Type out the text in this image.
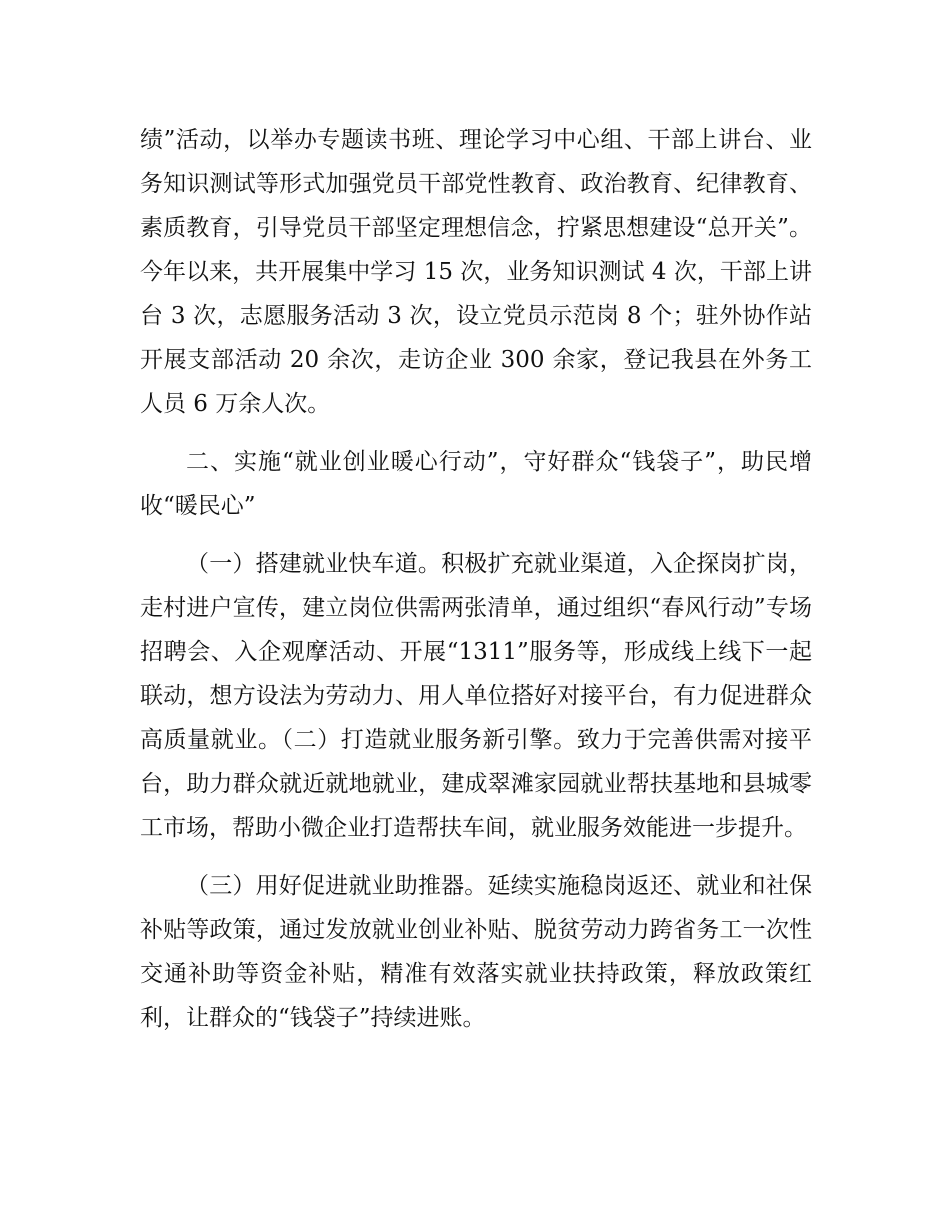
绩”活动，以举办专题读书班、理论学习中心组、干部上讲台、业务知识测试等形式加强党员干部党性教育、政治教育、纪律教育、素质教育，引导党员干部坚定理想信念，拧紧思想建设“总开关”。今年以来，共开展集中学习 15 次，业务知识测试 4 次，干部上讲台 3 次，志愿服务活动 3 次，设立党员示范岗 8 个；驻外协作站开展支部活动 20 余次，走访企业 300 余家，登记我县在外务工人员 6 万余人次。

二、实施“就业创业暖心行动”，守好群众“钱袋子”，助民增收“暖民心”

（一）搭建就业快车道。积极扩充就业渠道，入企探岗扩岗，走村进户宣传，建立岗位供需两张清单，通过组织“春风行动”专场招聘会、入企观摩活动、开展“1311”服务等，形成线上线下一起联动，想方设法为劳动力、用人单位搭好对接平台，有力促进群众高质量就业。（二）打造就业服务新引擎。致力于完善供需对接平台，助力群众就近就地就业，建成翠滩家园就业帮扶基地和县城零工市场，帮助小微企业打造帮扶车间，就业服务效能进一步提升。

（三）用好促进就业助推器。延续实施稳岗返还、就业和社保补贴等政策，通过发放就业创业补贴、脱贫劳动力跨省务工一次性交通补助等资金补贴，精准有效落实就业扶持政策，释放政策红利，让群众的“钱袋子”持续进账。
